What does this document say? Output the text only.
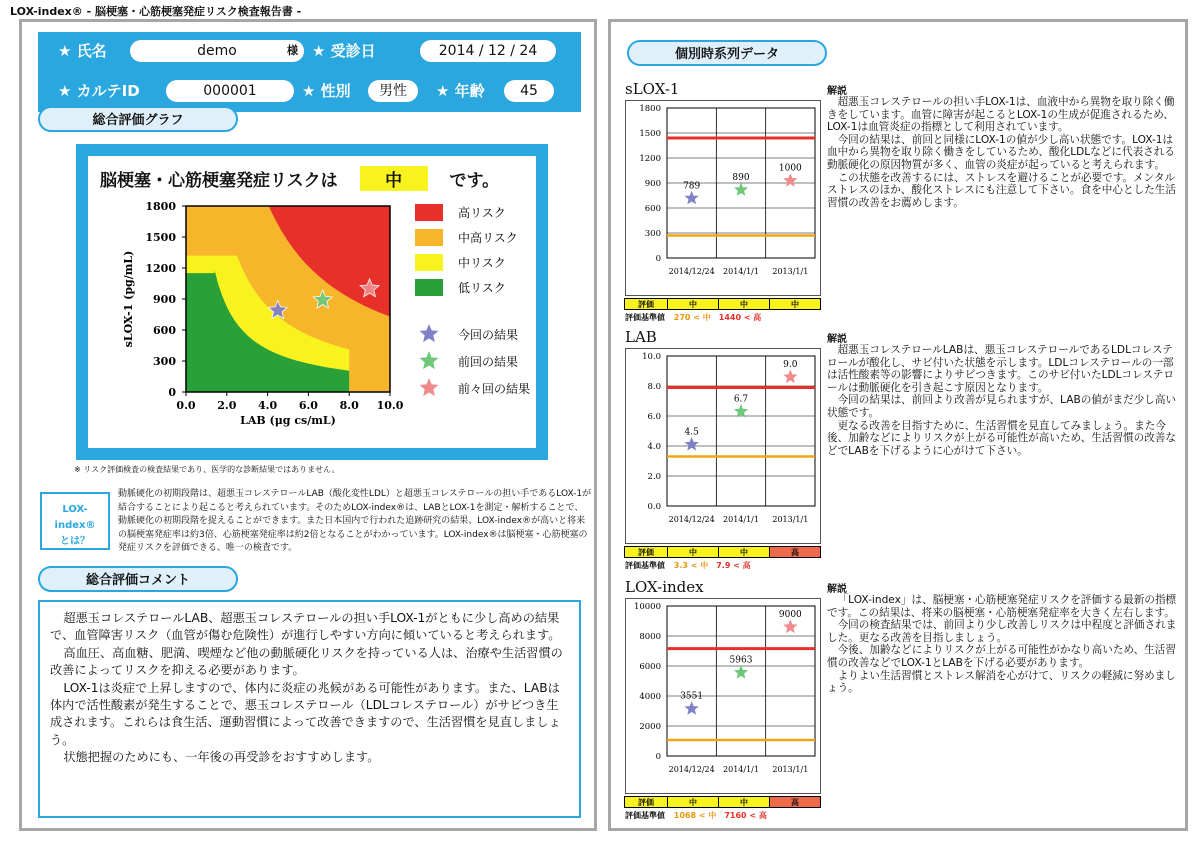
LOX-index® - 脳梗塞・心筋梗塞発症リスク検査報告書 -
★ 氏名	demo	様 ★ 受診日	2014 / 12 / 24
★ カルテID	000001	★ 性別	男性	★ 年齢	45
総合評価グラフ
脳梗塞・心筋梗塞発症リスクは	中	です。
0
300
600
900
1200
1500
1800
0.0 2.0 4.0 6.0 8.0 10.0
LAB (μg cs/mL)
sLOX-1 (pg/mL)
高リスク
中高リスク
中リスク
低リスク
今回の結果
前回の結果
前々回の結果
※ リスク評価検査の検査結果であり、医学的な診断結果ではありません。
LOX-index®
とは？
動脈硬化の初期段階は、超悪玉コレステロールLAB（酸化変性LDL）と超悪玉コレステロールの担い手であるLOX-1が結合することにより起こると考えられています。そのためLOX-index®は、LABとLOX-1を測定・解析することで、動脈硬化の初期段階を捉えることができます。また日本国内で行われた追跡研究の結果、LOX-index®が高いと将来の脳梗塞発症率は約3倍、心筋梗塞発症率は約2倍となることがわかっています。LOX-index®は脳梗塞・心筋梗塞の発症リスクを評価できる、唯一の検査です。
総合評価コメント

超悪玉コレステロールLAB、超悪玉コレステロールの担い手LOX-1がともに少し高めの結果で、血管障害リスク（血管が傷む危険性）が進行しやすい方向に傾いていると考えられます。

高血圧、高血糖、肥満、喫煙など他の動脈硬化リスクを持っている人は、治療や生活習慣の改善によってリスクを抑える必要があります。

LOX-1は炎症で上昇しますので、体内に炎症の兆候がある可能性があります。また、LABは体内で活性酸素が発生することで、悪玉コレステロール（LDLコレステロール）がサビつき生成されます。これらは食生活、運動習慣によって改善できますので、生活習慣を見直しましょう。

状態把握のためにも、一年後の再受診をおすすめします。

個別時系列データ
sLOX-1
0
300
600
900
1200
1500
1800
789
2014/12/24
890
2014/1/1
1000
2013/1/1
評価	中	中	中
評価基準値 270 < 中 1440 < 高
解説

超悪玉コレステロールの担い手LOX-1は、血液中から異物を取り除く働きをしています。血管に障害が起こるとLOX-1の生成が促進されるため、LOX-1は血管炎症の指標として利用されています。

今回の結果は、前回と同様にLOX-1の値が少し高い状態です。LOX-1は血中から異物を取り除く働きをしているため、酸化LDLなどに代表される動脈硬化の原因物質が多く、血管の炎症が起っていると考えられます。

この状態を改善するには、ストレスを避けることが必要です。メンタルストレスのほか、酸化ストレスにも注意して下さい。食を中心とした生活習慣の改善をお薦めします。

LAB
0.0
2.0
4.0
6.0
8.0
10.0
4.5
2014/12/24
6.7
2014/1/1
9.0
2013/1/1
評価	中	中	高
評価基準値 3.3 < 中 7.9 < 高
解説

超悪玉コレステロールLABは、悪玉コレステロールであるLDLコレステロールが酸化し、サビ付いた状態を示します。LDLコレステロールの一部は活性酸素等の影響によりサビつきます。このサビ付いたLDLコレステロールは動脈硬化を引き起こす原因となります。

今回の結果は、前回より改善が見られますが、LABの値がまだ少し高い状態です。

更なる改善を目指すために、生活習慣を見直してみましょう。また今後、加齢などによりリスクが上がる可能性が高いため、生活習慣の改善などでLABを下げるように心がけて下さい。

LOX-index
0
2000
4000
6000
8000
10000
3551
2014/12/24
5963
2014/1/1
9000
2013/1/1
評価	中	中	高
評価基準値 1068 < 中 7160 < 高
解説

「LOX-index」は、脳梗塞・心筋梗塞発症リスクを評価する最新の指標です。この結果は、将来の脳梗塞・心筋梗塞発症率を大きく左右します。

今回の検査結果では、前回より少し改善しリスクは中程度と評価されました。更なる改善を目指しましょう。

今後、加齢などによりリスクが上がる可能性がかなり高いため、生活習慣の改善などでLOX-1とLABを下げる必要があります。

よりよい生活習慣とストレス解消を心がけて、リスクの軽減に努めましょう。
